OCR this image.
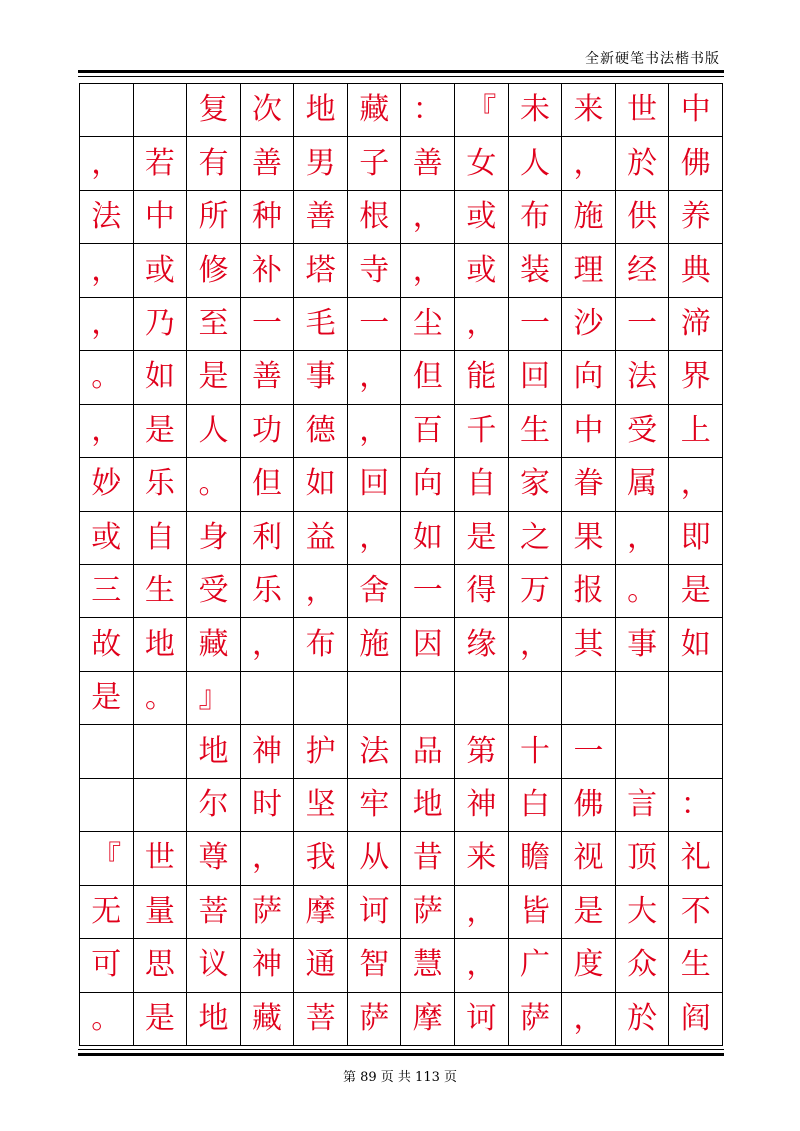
全新硬笔书法楷书版
复 次 地 藏 ： 『 未 来 世 中
， 若 有 善 男 子 善 女 人 ， 於 佛
法 中 所 种 善 根 ， 或 布 施 供 养
， 或 修 补 塔 寺 ， 或 装 理 经 典
， 乃 至 一 毛 一 尘 ， 一 沙 一 渧
。 如 是 善 事 ， 但 能 回 向 法 界
， 是 人 功 德 ， 百 千 生 中 受 上
妙 乐 。 但 如 回 向 自 家 眷 属 ，
或 自 身 利 益 ， 如 是 之 果 ， 即
三 生 受 乐 ， 舍 一 得 万 报 。 是
故 地 藏 ， 布 施 因 缘 ， 其 事 如
是 。 』
地 神 护 法 品 第 十 一
尔 时 坚 牢 地 神 白 佛 言 ：
『 世 尊 ， 我 从 昔 来 瞻 视 顶 礼
无 量 菩 萨 摩 诃 萨 ， 皆 是 大 不
可 思 议 神 通 智 慧 ， 广 度 众 生
。 是 地 藏 菩 萨 摩 诃 萨 ， 於 阎
第 89 页 共 113 页
